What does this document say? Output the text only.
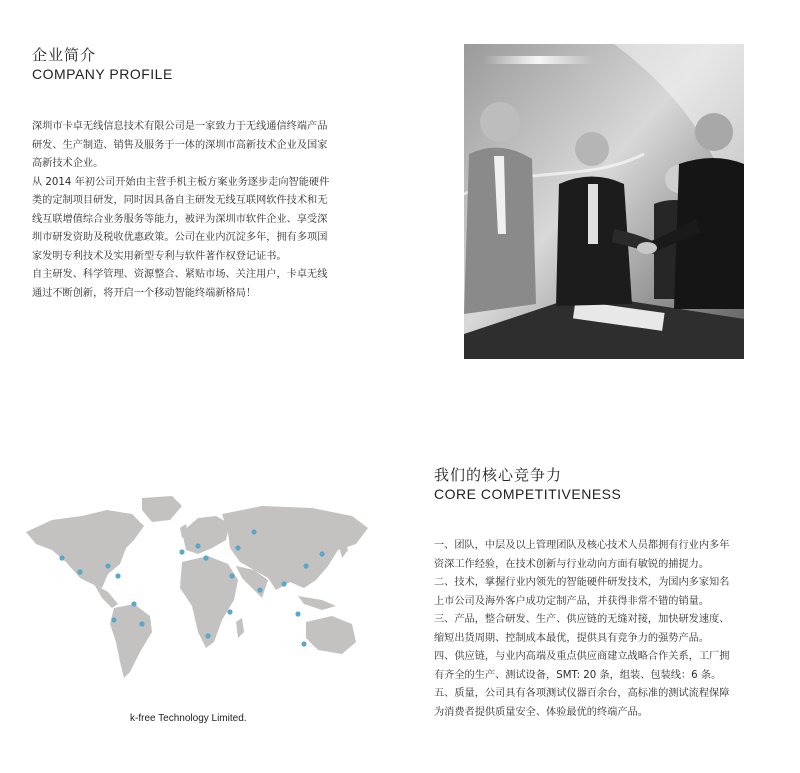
企业简介
COMPANY PROFILE

深圳市卡卓无线信息技术有限公司是一家致力于无线通信终端产品

研发、生产制造、销售及服务于一体的深圳市高新技术企业及国家

高新技术企业。

从 2014 年初公司开始由主营手机主板方案业务逐步走向智能硬件

类的定制项目研发，同时因具备自主研发无线互联网软件技术和无

线互联增值综合业务服务等能力，被评为深圳市软件企业、享受深

圳市研发资助及税收优惠政策。公司在业内沉淀多年，拥有多项国

家发明专利技术及实用新型专利与软件著作权登记证书。

自主研发、科学管理、资源整合、紧贴市场、关注用户，卡卓无线

通过不断创新，将开启一个移动智能终端新格局！

我们的核心竞争力
CORE COMPETITIVENESS

一、团队，中层及以上管理团队及核心技术人员都拥有行业内多年

资深工作经验，在技术创新与行业动向方面有敏锐的捕捉力。

二、技术，掌握行业内领先的智能硬件研发技术，为国内多家知名

上市公司及海外客户成功定制产品，并获得非常不错的销量。

三、产品，整合研发、生产、供应链的无缝对接，加快研发速度、

缩短出货周期、控制成本最优，提供具有竞争力的强势产品。

四、供应链，与业内高端及重点供应商建立战略合作关系，工厂拥

有齐全的生产、测试设备，SMT: 20 条，组装、包装线：6 条。

五、质量，公司具有各项测试仪器百余台，高标准的测试流程保障

为消费者提供质量安全、体验最优的终端产品。

k-free Technology Limited.
